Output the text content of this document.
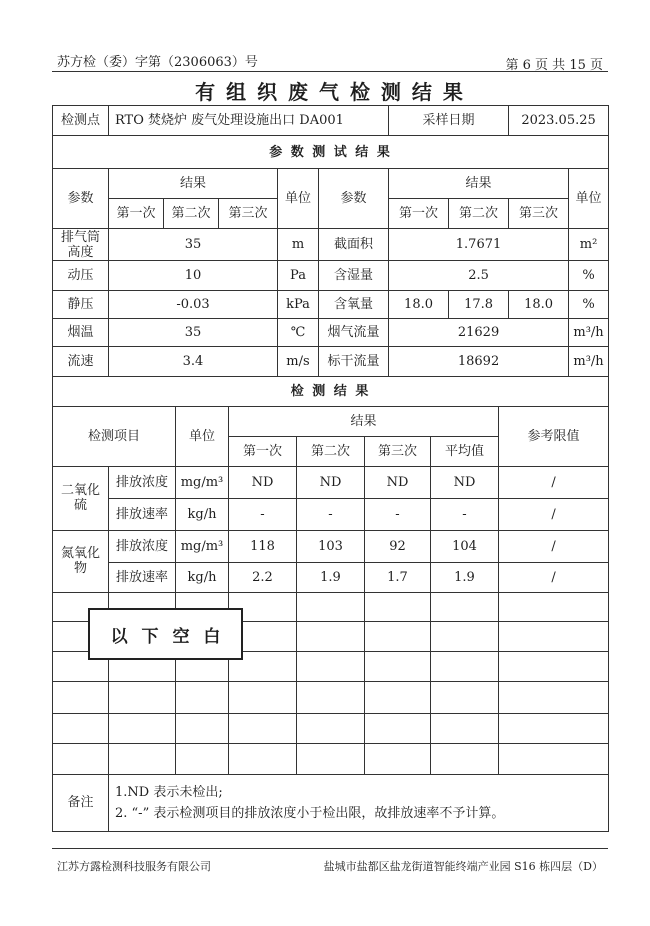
苏方检（委）字第（2306063）号	第 6 页 共 15 页
有 组 织 废 气 检 测 结 果
检测点	RTO 焚烧炉 废气处理设施出口 DA001					采样日期		2023.05.25	
参 数 测 试 结 果									
参数	结果			单位	参数	结果			单位
	第一次	第二次	第三次			第一次	第二次	第三次	
排气筒高度	35			m	截面积	1.7671			m²
动压	10			Pa	含湿量	2.5			%
静压	-0.03			kPa	含氧量	18.0	17.8	18.0	%
烟温	35			℃	烟气流量	21629			m³/h
流速	3.4			m/s	标干流量	18692			m³/h
检 测 结 果							
检测项目		单位	结果				参考限值
			第一次	第二次	第三次	平均值	
二氧化硫	排放浓度	mg/m³	ND	ND	ND	ND	/
	排放速率	kg/h	-	-	-	-	/
氮氧化物	排放浓度	mg/m³	118	103	92	104	/
	排放速率	kg/h	2.2	1.9	1.7	1.9	/

备注	1.ND 表示未检出;
2. “-” 表示检测项目的排放浓度小于检出限，故排放速率不予计算。						
以 下 空 白
江苏方露检测科技服务有限公司	盐城市盐都区盐龙街道智能终端产业园 S16 栋四层（D）
